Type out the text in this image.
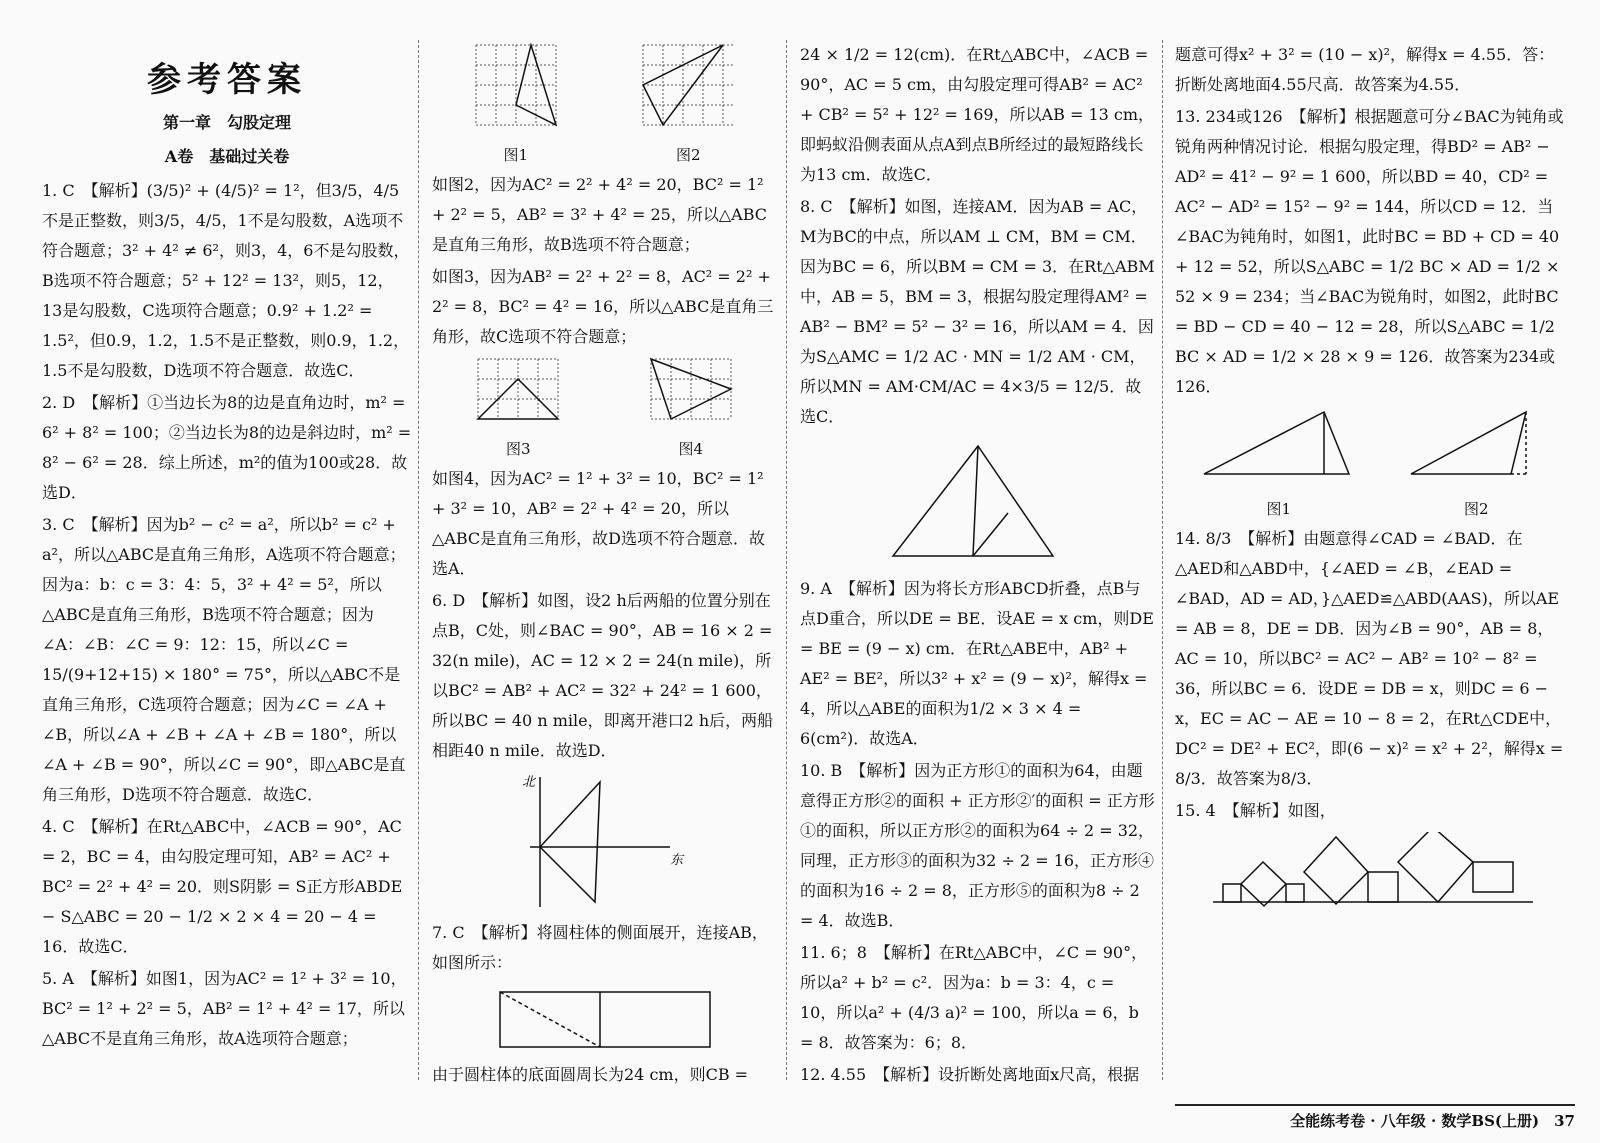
参考答案
第一章　勾股定理
A卷　基础过关卷

1. C　【解析】(3/5)² + (4/5)² = 1²，但3/5，4/5不是正整数，则3/5，4/5，1不是勾股数，A选项不符合题意；3² + 4² ≠ 6²，则3，4，6不是勾股数，B选项不符合题意；5² + 12² = 13²，则5，12，13是勾股数，C选项符合题意；0.9² + 1.2² = 1.5²，但0.9，1.2，1.5不是正整数，则0.9，1.2，1.5不是勾股数，D选项不符合题意．故选C．

2. D　【解析】①当边长为8的边是直角边时，m² = 6² + 8² = 100；②当边长为8的边是斜边时，m² = 8² − 6² = 28．综上所述，m²的值为100或28．故选D．

3. C　【解析】因为b² − c² = a²，所以b² = c² + a²，所以△ABC是直角三角形，A选项不符合题意；因为a：b：c = 3：4：5，3² + 4² = 5²，所以△ABC是直角三角形，B选项不符合题意；因为∠A：∠B：∠C = 9：12：15，所以∠C = 15/(9+12+15) × 180° = 75°，所以△ABC不是直角三角形，C选项符合题意；因为∠C = ∠A + ∠B，所以∠A + ∠B + ∠A + ∠B = 180°，所以∠A + ∠B = 90°，所以∠C = 90°，即△ABC是直角三角形，D选项不符合题意．故选C．

4. C　【解析】在Rt△ABC中，∠ACB = 90°，AC = 2，BC = 4，由勾股定理可知，AB² = AC² + BC² = 2² + 4² = 20．则S阴影 = S正方形ABDE − S△ABC = 20 − 1/2 × 2 × 4 = 20 − 4 = 16．故选C．

5. A　【解析】如图1，因为AC² = 1² + 3² = 10，BC² = 1² + 2² = 5，AB² = 1² + 4² = 17，所以△ABC不是直角三角形，故A选项符合题意；

图1	图2

如图2，因为AC² = 2² + 4² = 20，BC² = 1² + 2² = 5，AB² = 3² + 4² = 25，所以△ABC是直角三角形，故B选项不符合题意；

如图3，因为AB² = 2² + 2² = 8，AC² = 2² + 2² = 8，BC² = 4² = 16，所以△ABC是直角三角形，故C选项不符合题意；

图3	图4

如图4，因为AC² = 1² + 3² = 10，BC² = 1² + 3² = 10，AB² = 2² + 4² = 20，所以△ABC是直角三角形，故D选项不符合题意．故选A．

6. D　【解析】如图，设2 h后两船的位置分别在点B，C处，则∠BAC = 90°，AB = 16 × 2 = 32(n mile)，AC = 12 × 2 = 24(n mile)，所以BC² = AB² + AC² = 32² + 24² = 1 600，所以BC = 40 n mile，即离开港口2 h后，两船相距40 n mile．故选D．

北
东

7. C　【解析】将圆柱体的侧面展开，连接AB，如图所示：

由于圆柱体的底面圆周长为24 cm，则CB =

24 × 1/2 = 12(cm)．在Rt△ABC中，∠ACB = 90°，AC = 5 cm，由勾股定理可得AB² = AC² + CB² = 5² + 12² = 169，所以AB = 13 cm，即蚂蚁沿侧表面从点A到点B所经过的最短路线长为13 cm．故选C．

8. C　【解析】如图，连接AM．因为AB = AC，M为BC的中点，所以AM ⊥ CM，BM = CM．因为BC = 6，所以BM = CM = 3．在Rt△ABM中，AB = 5，BM = 3，根据勾股定理得AM² = AB² − BM² = 5² − 3² = 16，所以AM = 4．因为S△AMC = 1/2 AC · MN = 1/2 AM · CM，所以MN = AM·CM/AC = 4×3/5 = 12/5．故选C．

9. A　【解析】因为将长方形ABCD折叠，点B与点D重合，所以DE = BE．设AE = x cm，则DE = BE = (9 − x) cm．在Rt△ABE中，AB² + AE² = BE²，所以3² + x² = (9 − x)²，解得x = 4，所以△ABE的面积为1/2 × 3 × 4 = 6(cm²)．故选A．

10. B　【解析】因为正方形①的面积为64，由题意得正方形②的面积 + 正方形②′的面积 = 正方形①的面积，所以正方形②的面积为64 ÷ 2 = 32，同理，正方形③的面积为32 ÷ 2 = 16，正方形④的面积为16 ÷ 2 = 8，正方形⑤的面积为8 ÷ 2 = 4．故选B．

11. 6；8　【解析】在Rt△ABC中，∠C = 90°，所以a² + b² = c²．因为a：b = 3：4，c = 10，所以a² + (4/3 a)² = 100，所以a = 6，b = 8．故答案为：6；8．

12. 4.55　【解析】设折断处离地面x尺高，根据

题意可得x² + 3² = (10 − x)²，解得x = 4.55．答：折断处离地面4.55尺高．故答案为4.55．

13. 234或126　【解析】根据题意可分∠BAC为钝角或锐角两种情况讨论．根据勾股定理，得BD² = AB² − AD² = 41² − 9² = 1 600，所以BD = 40，CD² = AC² − AD² = 15² − 9² = 144，所以CD = 12．当∠BAC为钝角时，如图1，此时BC = BD + CD = 40 + 12 = 52，所以S△ABC = 1/2 BC × AD = 1/2 × 52 × 9 = 234；当∠BAC为锐角时，如图2，此时BC = BD − CD = 40 − 12 = 28，所以S△ABC = 1/2 BC × AD = 1/2 × 28 × 9 = 126．故答案为234或126．

图1	图2

14. 8/3　【解析】由题意得∠CAD = ∠BAD．在△AED和△ABD中，{∠AED = ∠B，∠EAD = ∠BAD，AD = AD，}△AED≌△ABD(AAS)，所以AE = AB = 8，DE = DB．因为∠B = 90°，AB = 8，AC = 10，所以BC² = AC² − AB² = 10² − 8² = 36，所以BC = 6．设DE = DB = x，则DC = 6 − x，EC = AC − AE = 10 − 8 = 2，在Rt△CDE中，DC² = DE² + EC²，即(6 − x)² = x² + 2²，解得x = 8/3．故答案为8/3．

15. 4　【解析】如图，

全能练考卷 · 八年级 · 数学BS(上册)　37
